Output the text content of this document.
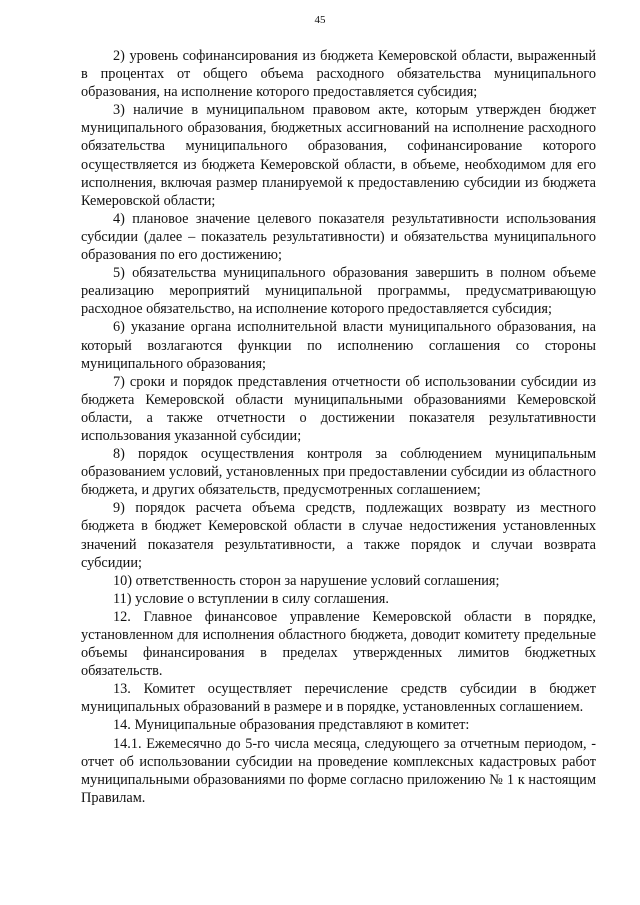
45

2) уровень софинансирования из бюджета Кемеровской области, выраженный в процентах от общего объема расходного обязательства муниципального образования, на исполнение которого предоставляется субсидия;

3) наличие в муниципальном правовом акте, которым утвержден бюджет муниципального образования, бюджетных ассигнований на исполнение расходного обязательства муниципального образования, софинансирование которого осуществляется из бюджета Кемеровской области, в объеме, необходимом для его исполнения, включая размер планируемой к предоставлению субсидии из бюджета Кемеровской области;

4) плановое значение целевого показателя результативности использования субсидии (далее – показатель результативности) и обязательства муниципального образования по его достижению;

5) обязательства муниципального образования завершить в полном объеме реализацию мероприятий муниципальной программы, предусматривающую расходное обязательство, на исполнение которого предоставляется субсидия;

6) указание органа исполнительной власти муниципального образования, на который возлагаются функции по исполнению соглашения со стороны муниципального образования;

7) сроки и порядок представления отчетности об использовании субсидии из бюджета Кемеровской области муниципальными образованиями Кемеровской области, а также отчетности о достижении показателя результативности использования указанной субсидии;

8) порядок осуществления контроля за соблюдением муниципальным образованием условий, установленных при предоставлении субсидии из областного бюджета, и других обязательств, предусмотренных соглашением;

9) порядок расчета объема средств, подлежащих возврату из местного бюджета в бюджет Кемеровской области в случае недостижения установленных значений показателя результативности, а также порядок и случаи возврата субсидии;

10) ответственность сторон за нарушение условий соглашения;

11) условие о вступлении в силу соглашения.

12. Главное финансовое управление Кемеровской области в порядке, установленном для исполнения областного бюджета, доводит комитету предельные объемы финансирования в пределах утвержденных лимитов бюджетных обязательств.

13. Комитет осуществляет перечисление средств субсидии в бюджет муниципальных образований в размере и в порядке, установленных соглашением.

14. Муниципальные образования представляют в комитет:

14.1. Ежемесячно до 5-го числа месяца, следующего за отчетным периодом, - отчет об использовании субсидии на проведение комплексных кадастровых работ муниципальными образованиями по форме согласно приложению № 1 к настоящим Правилам.
